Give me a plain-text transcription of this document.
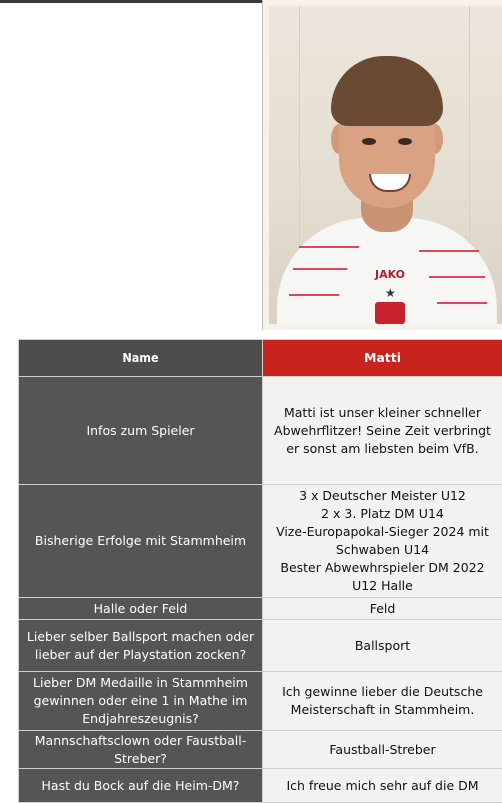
JAKO
★
Name	Matti
Infos zum Spieler	Matti ist unser kleiner schneller Abwehrflitzer! Seine Zeit verbringt er sonst am liebsten beim VfB.
Bisherige Erfolge mit Stammheim	3 x Deutscher Meister U12
2 x 3. Platz DM U14
Vize-Europapokal-Sieger 2024 mit Schwaben U14
Bester Abwewhrspieler DM 2022 U12 Halle

Halle oder Feld	Feld
Lieber selber Ballsport machen oder lieber auf der Playstation zocken?	Ballsport
Lieber DM Medaille in Stammheim gewinnen oder eine 1 in Mathe im Endjahreszeugnis?	Ich gewinne lieber die Deutsche Meisterschaft in Stammheim.
Mannschaftsclown oder Faustball-Streber?	Faustball-Streber
Hast du Bock auf die Heim-DM?	Ich freue mich sehr auf die DM
